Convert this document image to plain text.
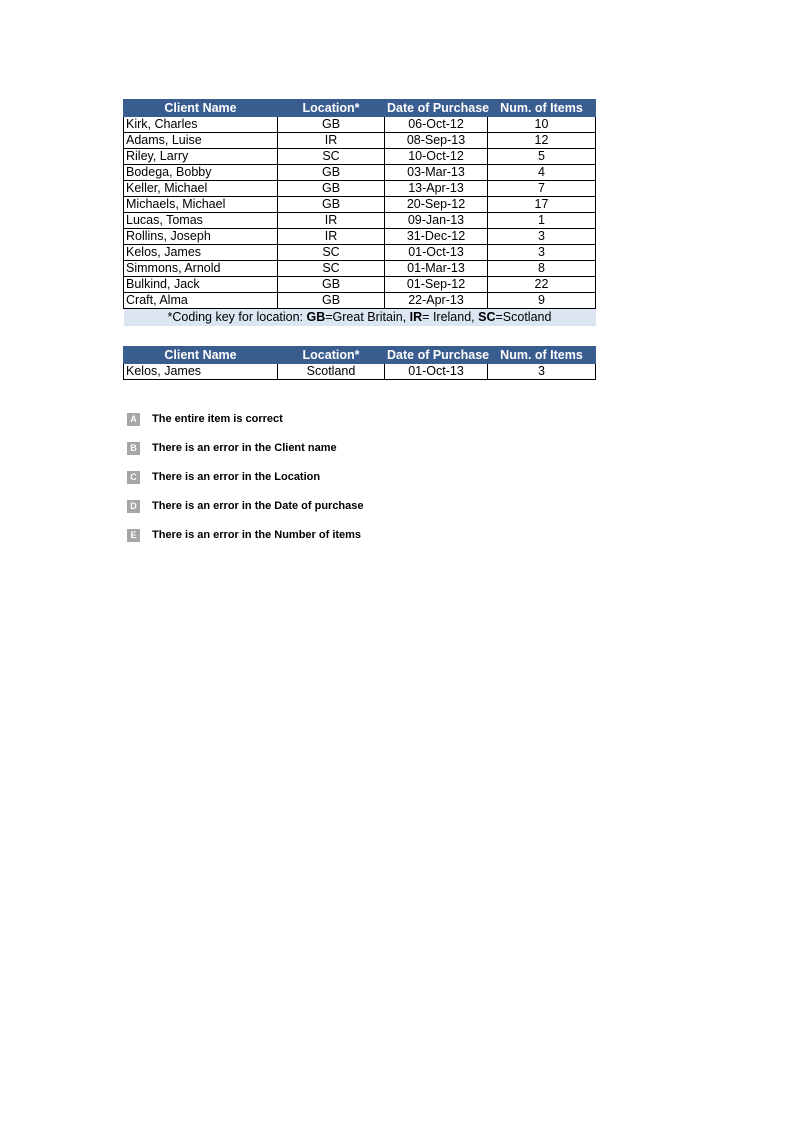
Client Name	Location*	Date of Purchase	Num. of Items
Kirk, Charles	GB	06-Oct-12	10
Adams, Luise	IR	08-Sep-13	12
Riley, Larry	SC	10-Oct-12	5
Bodega, Bobby	GB	03-Mar-13	4
Keller, Michael	GB	13-Apr-13	7
Michaels, Michael	GB	20-Sep-12	17
Lucas, Tomas	IR	09-Jan-13	1
Rollins, Joseph	IR	31-Dec-12	3
Kelos, James	SC	01-Oct-13	3
Simmons, Arnold	SC	01-Mar-13	8
Bulkind, Jack	GB	01-Sep-12	22
Craft, Alma	GB	22-Apr-13	9
*Coding key for location: GB=Great Britain, IR= Ireland, SC=Scotland			
Client Name	Location*	Date of Purchase	Num. of Items
Kelos, James	Scotland	01-Oct-13	3
A The entire item is correct
B There is an error in the Client name
C There is an error in the Location
D There is an error in the Date of purchase
E	There is an error in the Number of items
